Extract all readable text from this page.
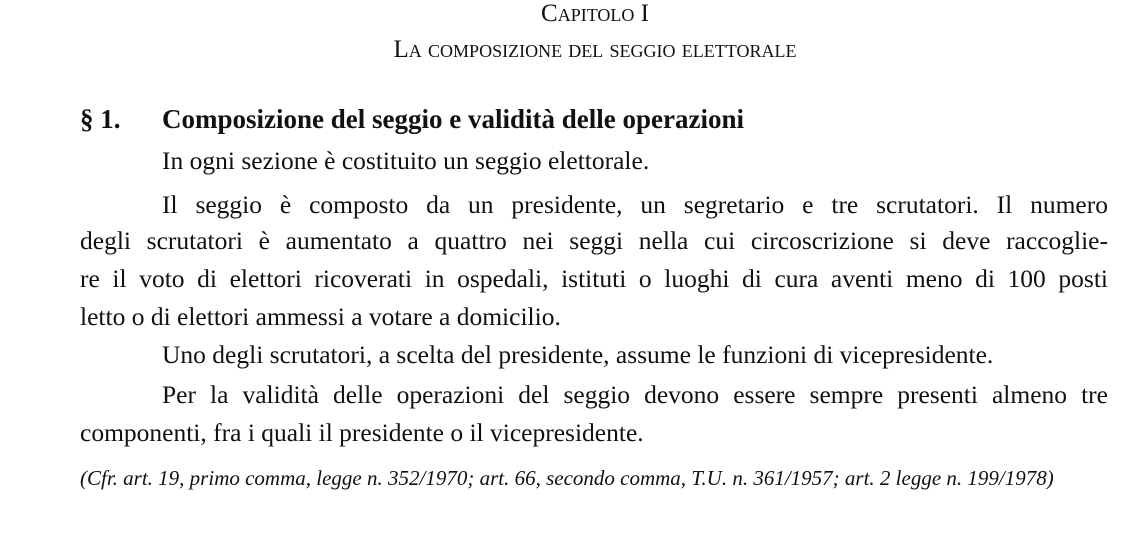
Capitolo I
La composizione del seggio elettorale
§ 1. Composizione del seggio e validità delle operazioni
In ogni sezione è costituito un seggio elettorale.
Il seggio è composto da un presidente, un segretario e tre scrutatori. Il numero
degli scrutatori è aumentato a quattro nei seggi nella cui circoscrizione si deve raccoglie-
re il voto di elettori ricoverati in ospedali, istituti o luoghi di cura aventi meno di 100 posti
letto o di elettori ammessi a votare a domicilio.
Uno degli scrutatori, a scelta del presidente, assume le funzioni di vicepresidente.
Per la validità delle operazioni del seggio devono essere sempre presenti almeno tre
componenti, fra i quali il presidente o il vicepresidente.
(Cfr. art. 19, primo comma, legge n. 352/1970; art. 66, secondo comma, T.U. n. 361/1957; art. 2 legge n. 199/1978)
